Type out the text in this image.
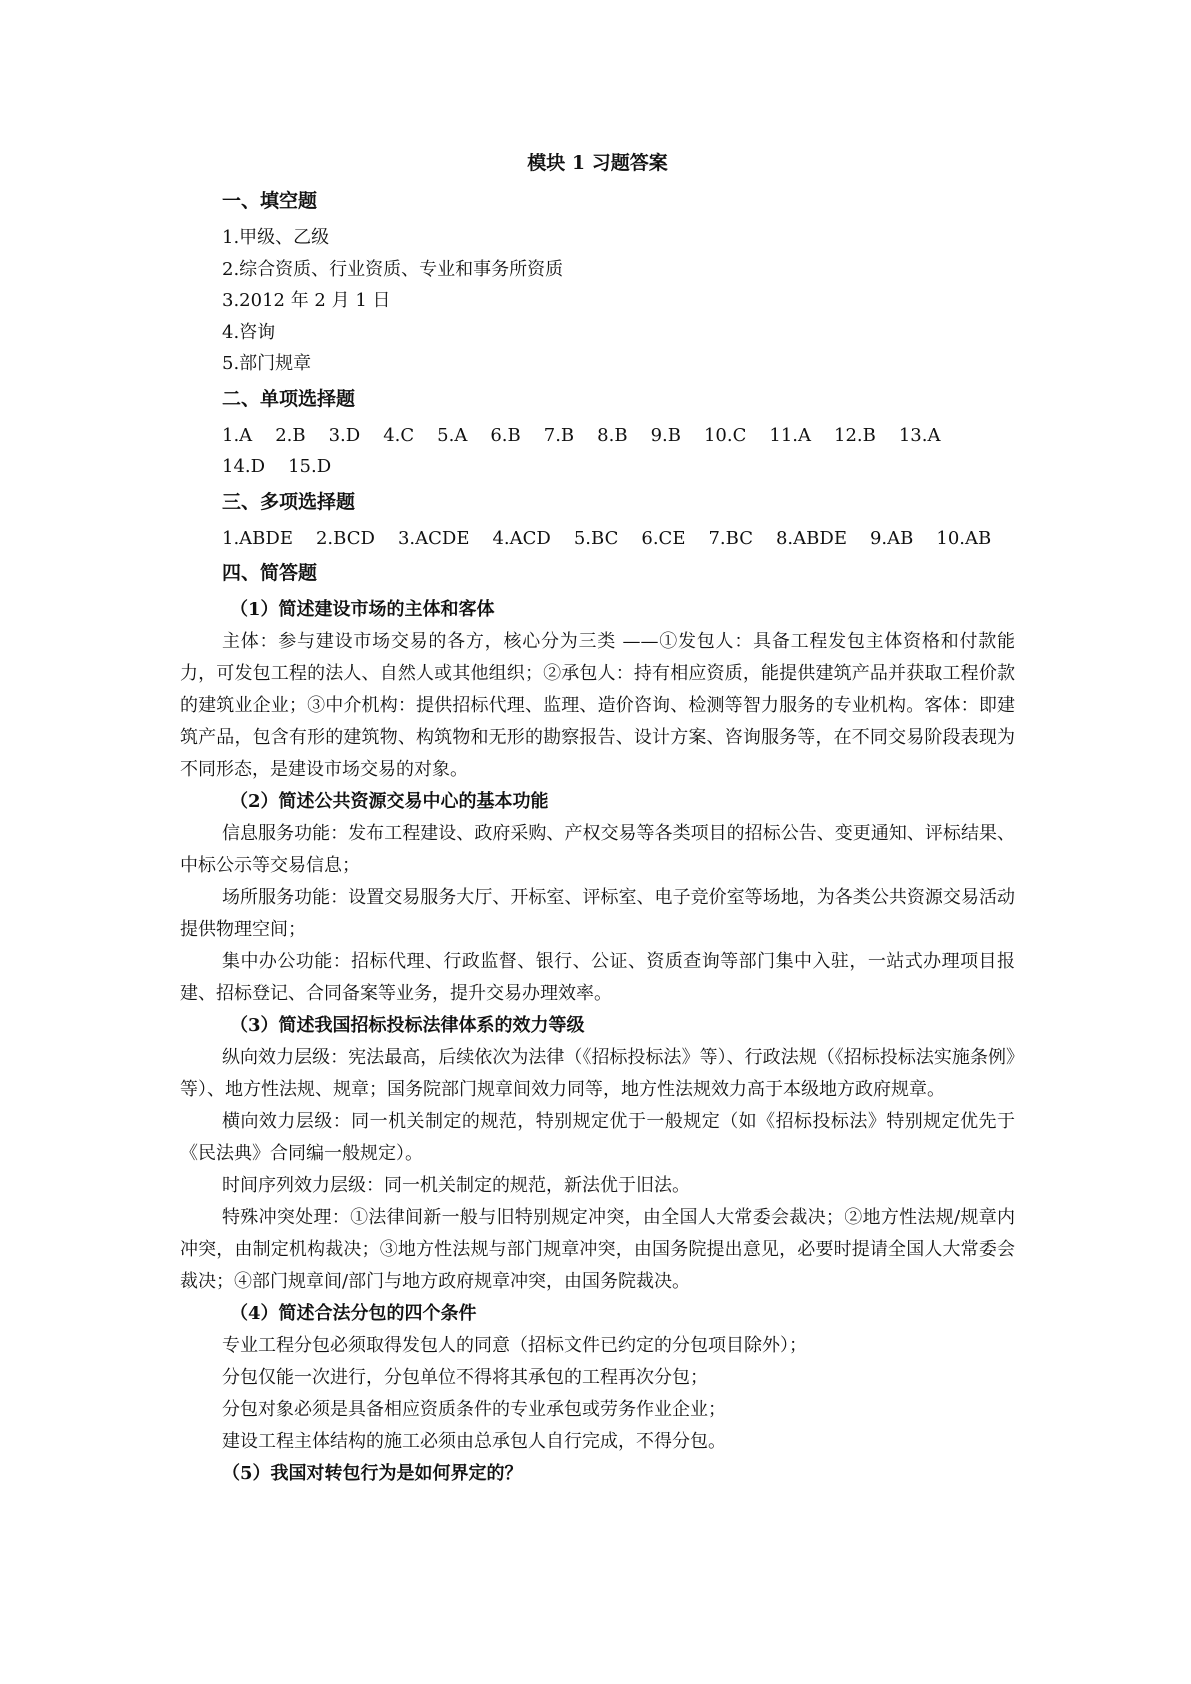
模块 1 习题答案
一、填空题
1.甲级、乙级
2.综合资质、行业资质、专业和事务所资质
3.2012 年 2 月 1 日
4.咨询
5.部门规章
二、单项选择题
1.A 2.B 3.D 4.C 5.A 6.B 7.B 8.B 9.B 10.C 11.A 12.B 13.A
14.D 15.D
三、多项选择题
1.ABDE 2.BCD 3.ACDE 4.ACD 5.BC 6.CE 7.BC 8.ABDE 9.AB 10.AB
四、简答题
（1）简述建设市场的主体和客体

主体：参与建设市场交易的各方，核心分为三类 ——①发包人：具备工程发包主体资格和付款能力，可发包工程的法人、自然人或其他组织；②承包人：持有相应资质，能提供建筑产品并获取工程价款的建筑业企业；③中介机构：提供招标代理、监理、造价咨询、检测等智力服务的专业机构。客体：即建筑产品，包含有形的建筑物、构筑物和无形的勘察报告、设计方案、咨询服务等，在不同交易阶段表现为不同形态，是建设市场交易的对象。

（2）简述公共资源交易中心的基本功能

信息服务功能：发布工程建设、政府采购、产权交易等各类项目的招标公告、变更通知、评标结果、中标公示等交易信息；

场所服务功能：设置交易服务大厅、开标室、评标室、电子竞价室等场地，为各类公共资源交易活动提供物理空间；

集中办公功能：招标代理、行政监督、银行、公证、资质查询等部门集中入驻，一站式办理项目报建、招标登记、合同备案等业务，提升交易办理效率。

（3）简述我国招标投标法律体系的效力等级

纵向效力层级：宪法最高，后续依次为法律（《招标投标法》等）、行政法规（《招标投标法实施条例》等）、地方性法规、规章；国务院部门规章间效力同等，地方性法规效力高于本级地方政府规章。

横向效力层级：同一机关制定的规范，特别规定优于一般规定（如《招标投标法》特别规定优先于《民法典》合同编一般规定）。

时间序列效力层级：同一机关制定的规范，新法优于旧法。

特殊冲突处理：①法律间新一般与旧特别规定冲突，由全国人大常委会裁决；②地方性法规/规章内冲突，由制定机构裁决；③地方性法规与部门规章冲突，由国务院提出意见，必要时提请全国人大常委会裁决；④部门规章间/部门与地方政府规章冲突，由国务院裁决。

（4）简述合法分包的四个条件
专业工程分包必须取得发包人的同意（招标文件已约定的分包项目除外）；
分包仅能一次进行，分包单位不得将其承包的工程再次分包；
分包对象必须是具备相应资质条件的专业承包或劳务作业企业；
建设工程主体结构的施工必须由总承包人自行完成，不得分包。
（5）我国对转包行为是如何界定的？
